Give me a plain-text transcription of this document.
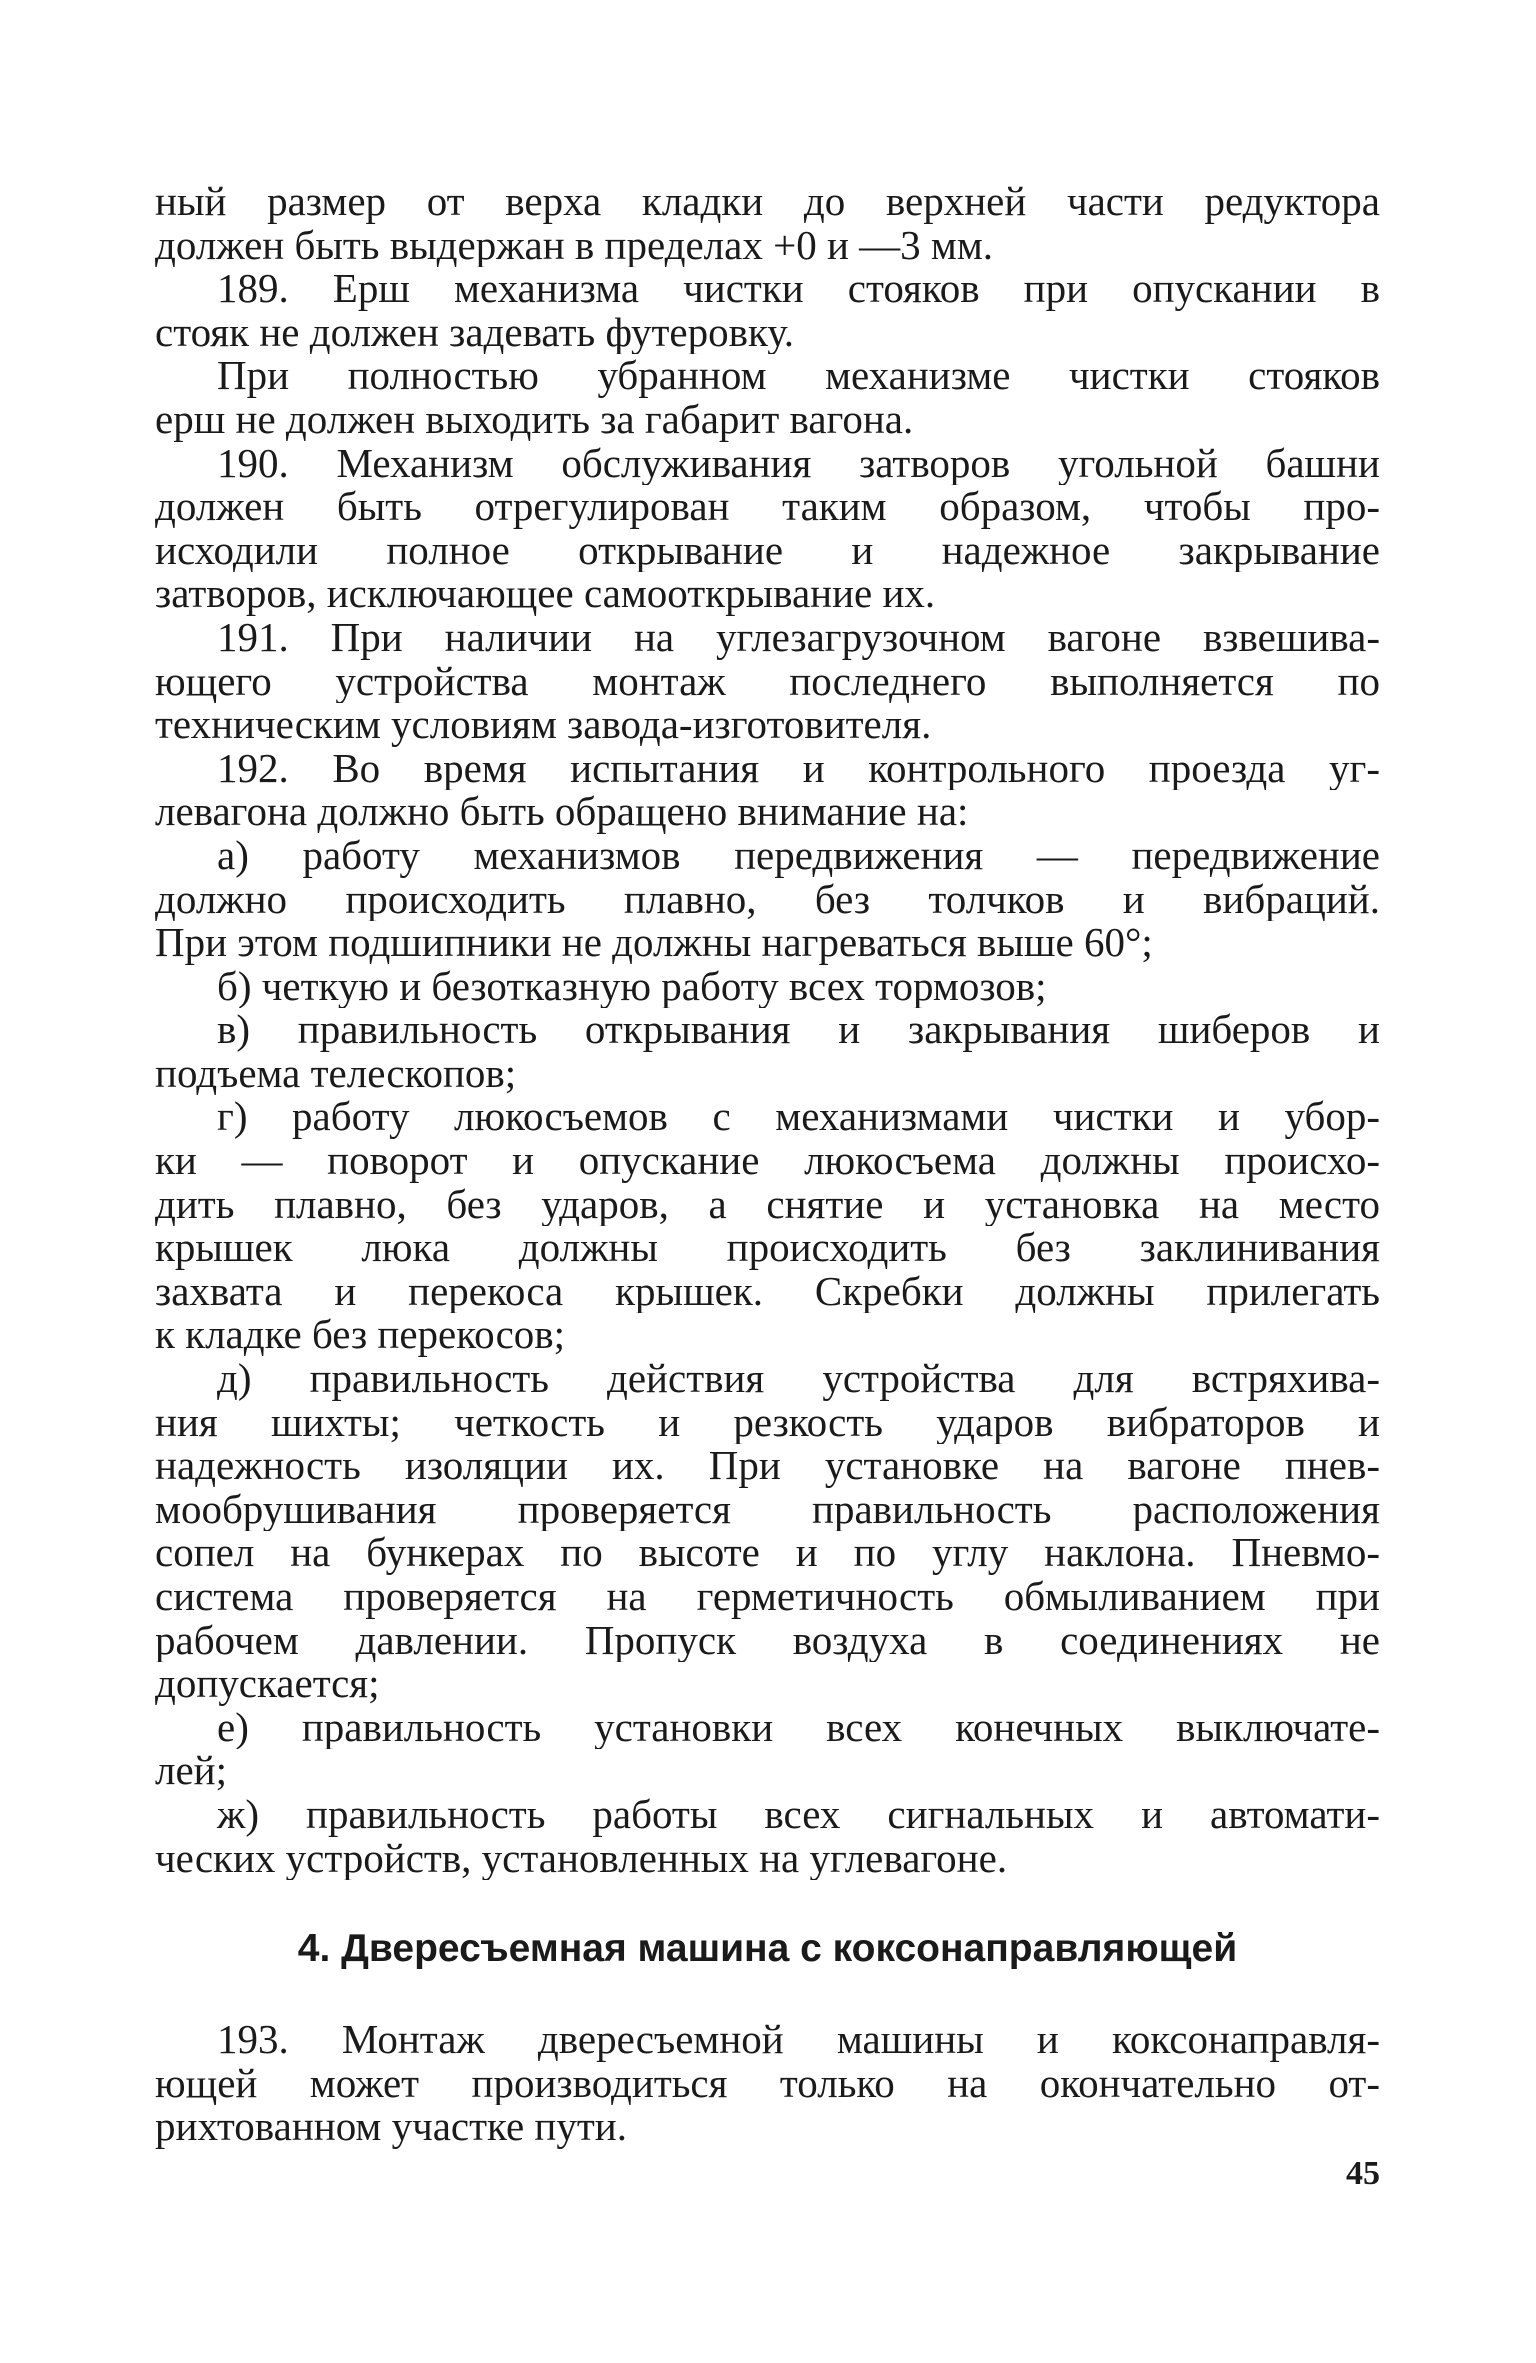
ный размер от верха кладки до верхней части редуктора
должен быть выдержан в пределах +0 и —3 мм.
189. Ерш механизма чистки стояков при опускании в
стояк не должен задевать футеровку.
При полностью убранном механизме чистки стояков
ерш не должен выходить за габарит вагона.
190. Механизм обслуживания затворов угольной башни
должен быть отрегулирован таким образом, чтобы про-
исходили полное открывание и надежное закрывание
затворов, исключающее самооткрывание их.
191. При наличии на углезагрузочном вагоне взвешива-
ющего устройства монтаж последнего выполняется по
техническим условиям завода-изготовителя.
192. Во время испытания и контрольного проезда уг-
левагона должно быть обращено внимание на:
а) работу механизмов передвижения — передвижение
должно происходить плавно, без толчков и вибраций.
При этом подшипники не должны нагреваться выше 60°;
б) четкую и безотказную работу всех тормозов;
в) правильность открывания и закрывания шиберов и
подъема телескопов;
г) работу люкосъемов с механизмами чистки и убор-
ки — поворот и опускание люкосъема должны происхо-
дить плавно, без ударов, а снятие и установка на место
крышек люка должны происходить без заклинивания
захвата и перекоса крышек. Скребки должны прилегать
к кладке без перекосов;
д) правильность действия устройства для встряхива-
ния шихты; четкость и резкость ударов вибраторов и
надежность изоляции их. При установке на вагоне пнев-
мообрушивания проверяется правильность расположения
сопел на бункерах по высоте и по углу наклона. Пневмо-
система проверяется на герметичность обмыливанием при
рабочем давлении. Пропуск воздуха в соединениях не
допускается;
е) правильность установки всех конечных выключате-
лей;
ж) правильность работы всех сигнальных и автомати-
ческих устройств, установленных на углевагоне.
4. Двересъемная машина с коксонаправляющей
193. Монтаж двересъемной машины и коксонаправля-
ющей может производиться только на окончательно от-
рихтованном участке пути.
45
